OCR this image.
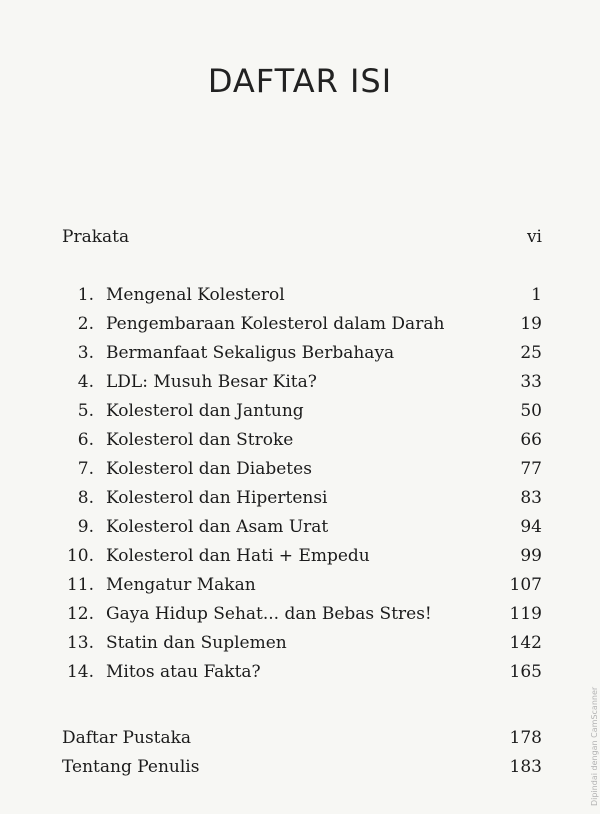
DAFTAR ISI
Prakata	vi
1. Mengenal Kolesterol	1
2. Pengembaraan Kolesterol dalam Darah	19
3. Bermanfaat Sekaligus Berbahaya	25
4. LDL: Musuh Besar Kita?	33
5. Kolesterol dan Jantung	50
6. Kolesterol dan Stroke	66
7. Kolesterol dan Diabetes	77
8. Kolesterol dan Hipertensi	83
9. Kolesterol dan Asam Urat	94
10. Kolesterol dan Hati + Empedu	99
11. Mengatur Makan	107
12. Gaya Hidup Sehat... dan Bebas Stres!	119
13. Statin dan Suplemen	142
14. Mitos atau Fakta?	165
Daftar Pustaka	178
Tentang Penulis	183	Dipindai dengan CamScanner
